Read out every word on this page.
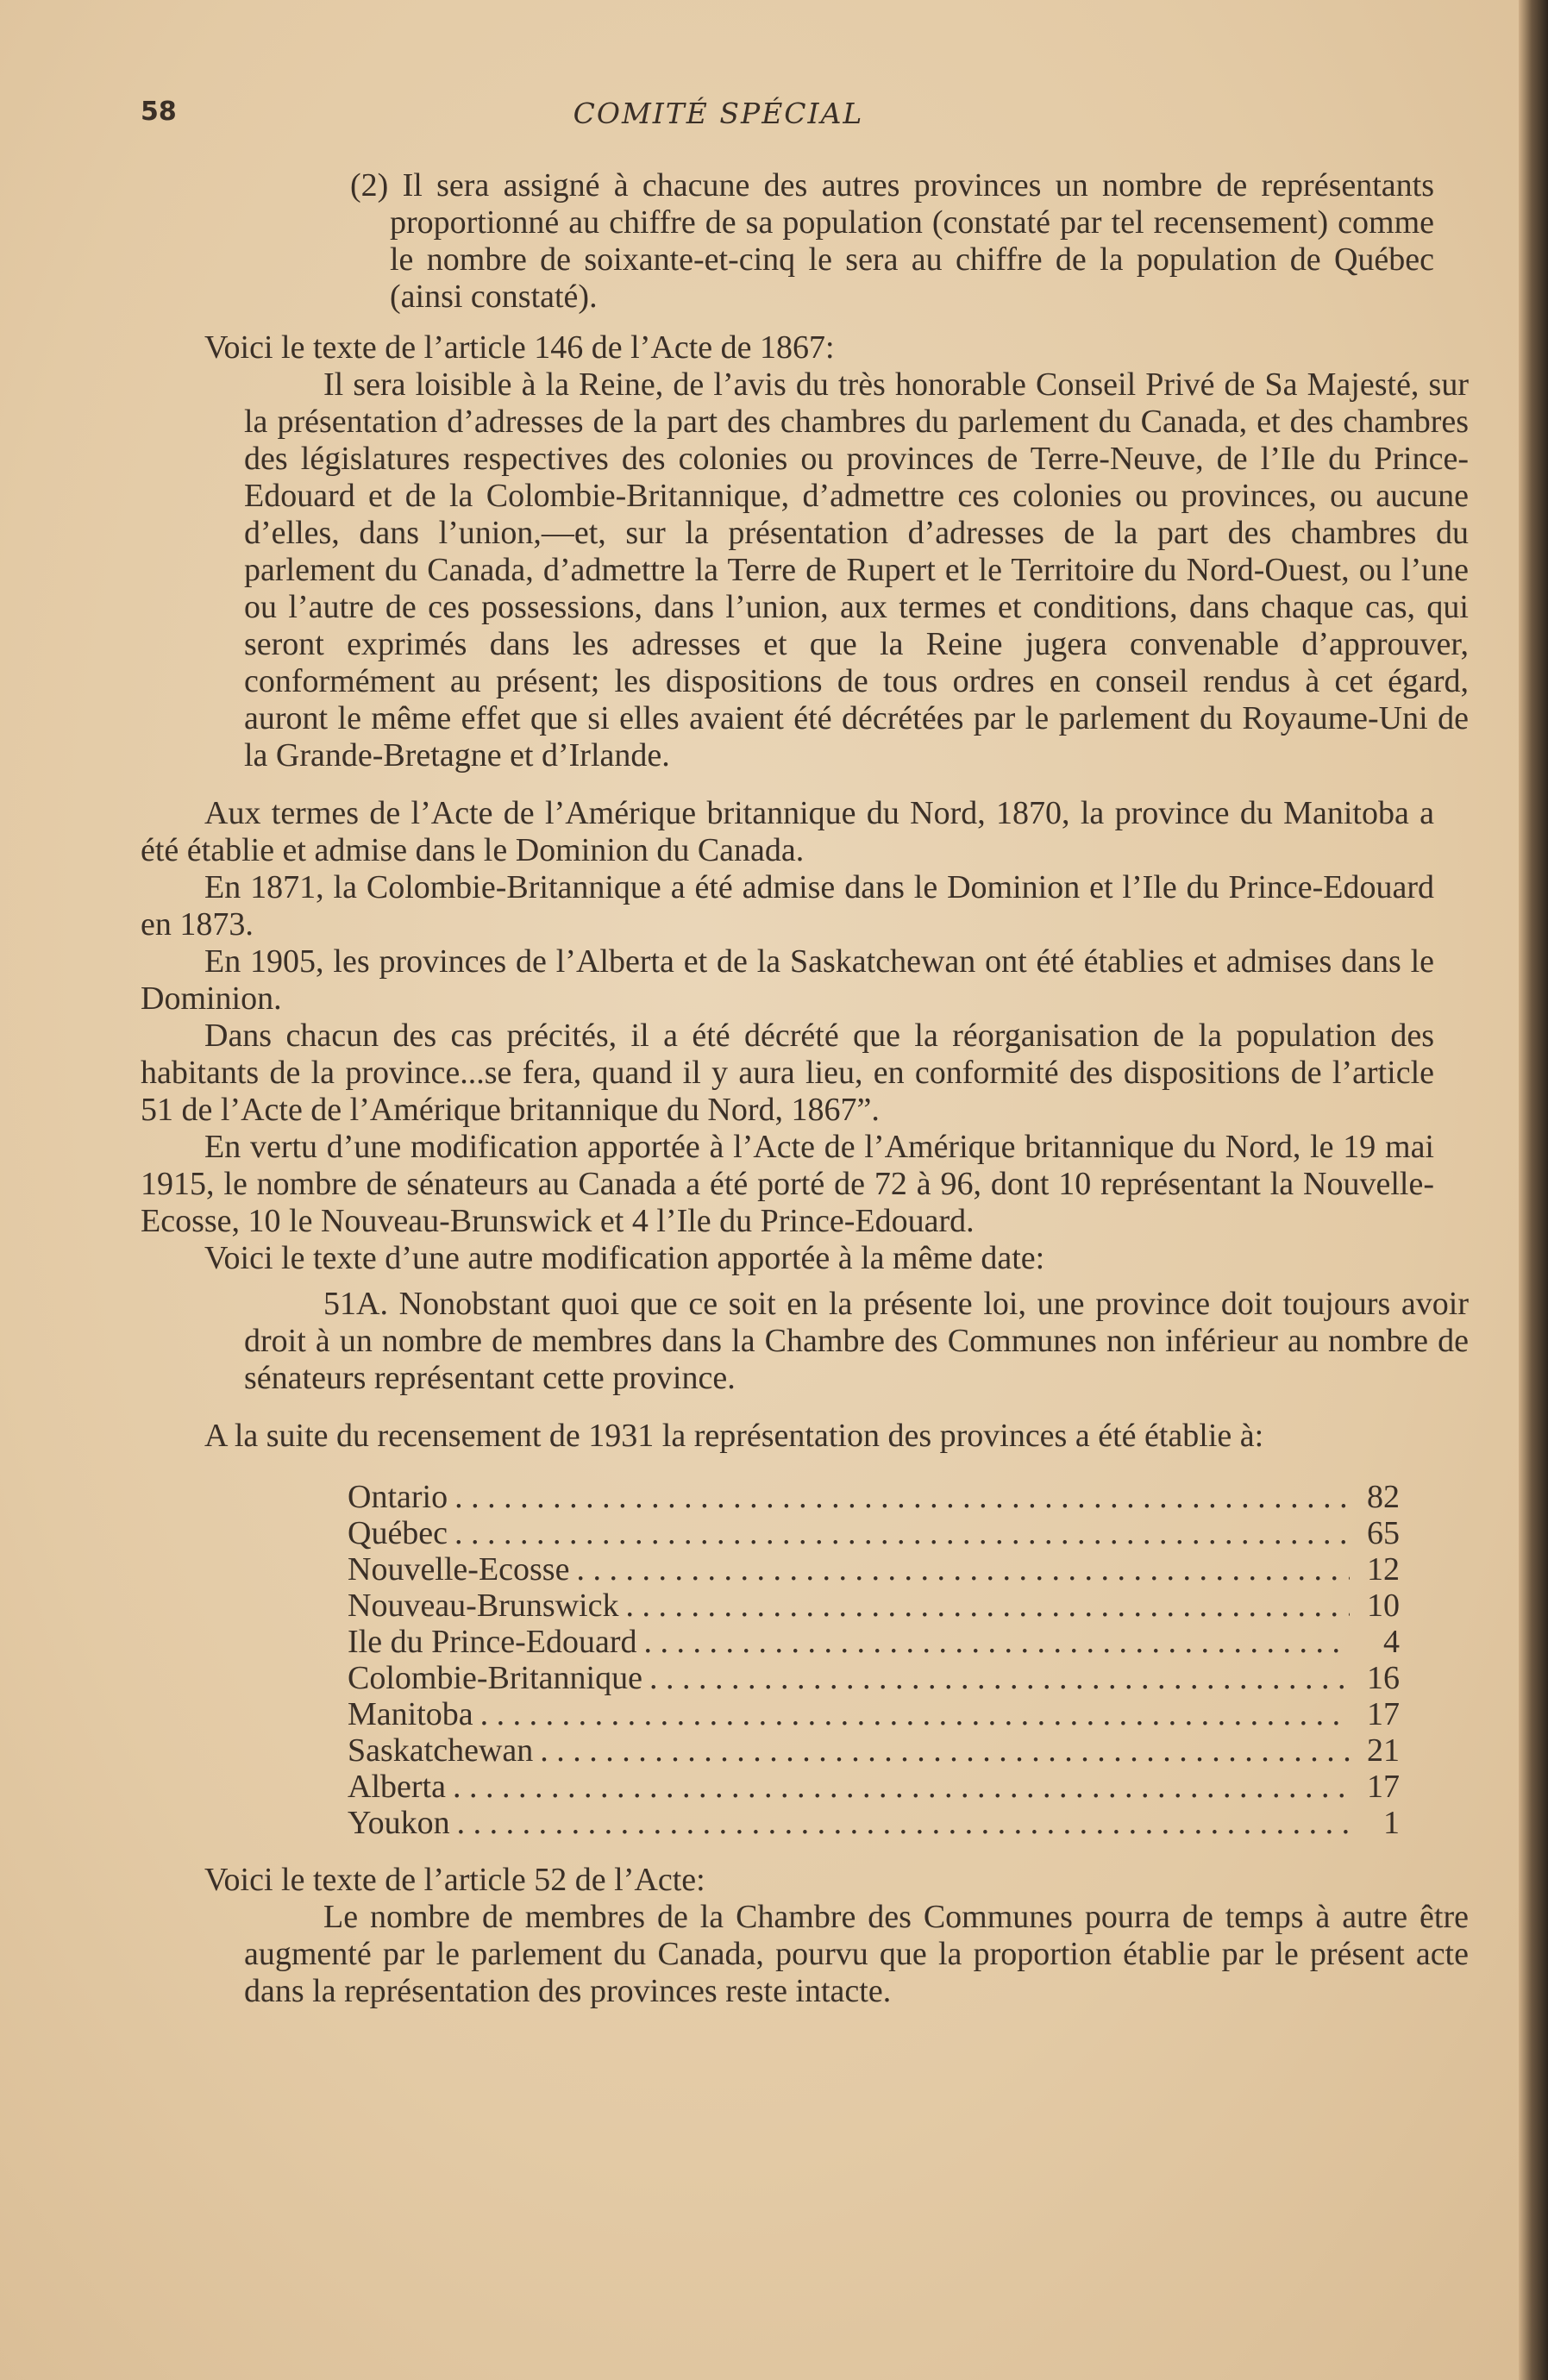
58	COMITÉ SPÉCIAL

(2) Il sera assigné à chacune des autres provinces un nombre de représentants proportionné au chiffre de sa population (constaté par tel recensement) comme le nombre de soixante-et-cinq le sera au chiffre de la population de Québec (ainsi constaté).

Voici le texte de l’article 146 de l’Acte de 1867:

Il sera loisible à la Reine, de l’avis du très honorable Conseil Privé de Sa Majesté, sur la présentation d’adresses de la part des chambres du parlement du Canada, et des chambres des législatures respectives des colonies ou provinces de Terre-Neuve, de l’Ile du Prince-Edouard et de la Colombie-Britannique, d’admettre ces colonies ou provinces, ou aucune d’elles, dans l’union,—et, sur la présentation d’adresses de la part des chambres du parlement du Canada, d’admettre la Terre de Rupert et le Territoire du Nord-Ouest, ou l’une ou l’autre de ces possessions, dans l’union, aux termes et conditions, dans chaque cas, qui seront exprimés dans les adresses et que la Reine jugera convenable d’approuver, conformément au présent; les dispositions de tous ordres en conseil rendus à cet égard, auront le même effet que si elles avaient été décrétées par le parlement du Royaume-Uni de la Grande-Bretagne et d’Irlande.

Aux termes de l’Acte de l’Amérique britannique du Nord, 1870, la province du Manitoba a été établie et admise dans le Dominion du Canada.

En 1871, la Colombie-Britannique a été admise dans le Dominion et l’Ile du Prince-Edouard en 1873.

En 1905, les provinces de l’Alberta et de la Saskatchewan ont été établies et admises dans le Dominion.

Dans chacun des cas précités, il a été décrété que la réorganisation de la population des habitants de la province...se fera, quand il y aura lieu, en conformité des dispositions de l’article 51 de l’Acte de l’Amérique britannique du Nord, 1867”.

En vertu d’une modification apportée à l’Acte de l’Amérique britannique du Nord, le 19 mai 1915, le nombre de sénateurs au Canada a été porté de 72 à 96, dont 10 représentant la Nouvelle-Ecosse, 10 le Nouveau-Brunswick et 4 l’Ile du Prince-Edouard.

Voici le texte d’une autre modification apportée à la même date:

51A. Nonobstant quoi que ce soit en la présente loi, une province doit toujours avoir droit à un nombre de membres dans la Chambre des Communes non inférieur au nombre de sénateurs représentant cette province.

A la suite du recensement de 1931 la représentation des provinces a été établie à:

Ontario . . .	82
Québec . . .	65
Nouvelle-Ecosse . . .	12
Nouveau-Brunswick . . .	10
Ile du Prince-Edouard . . .	4
Colombie-Britannique . . .	16
Manitoba . . .	17
Saskatchewan . . .	21
Alberta . . .	17
Youkon . . .	1

Voici le texte de l’article 52 de l’Acte:

Le nombre de membres de la Chambre des Communes pourra de temps à autre être augmenté par le parlement du Canada, pourvu que la proportion établie par le présent acte dans la représentation des provinces reste intacte.
